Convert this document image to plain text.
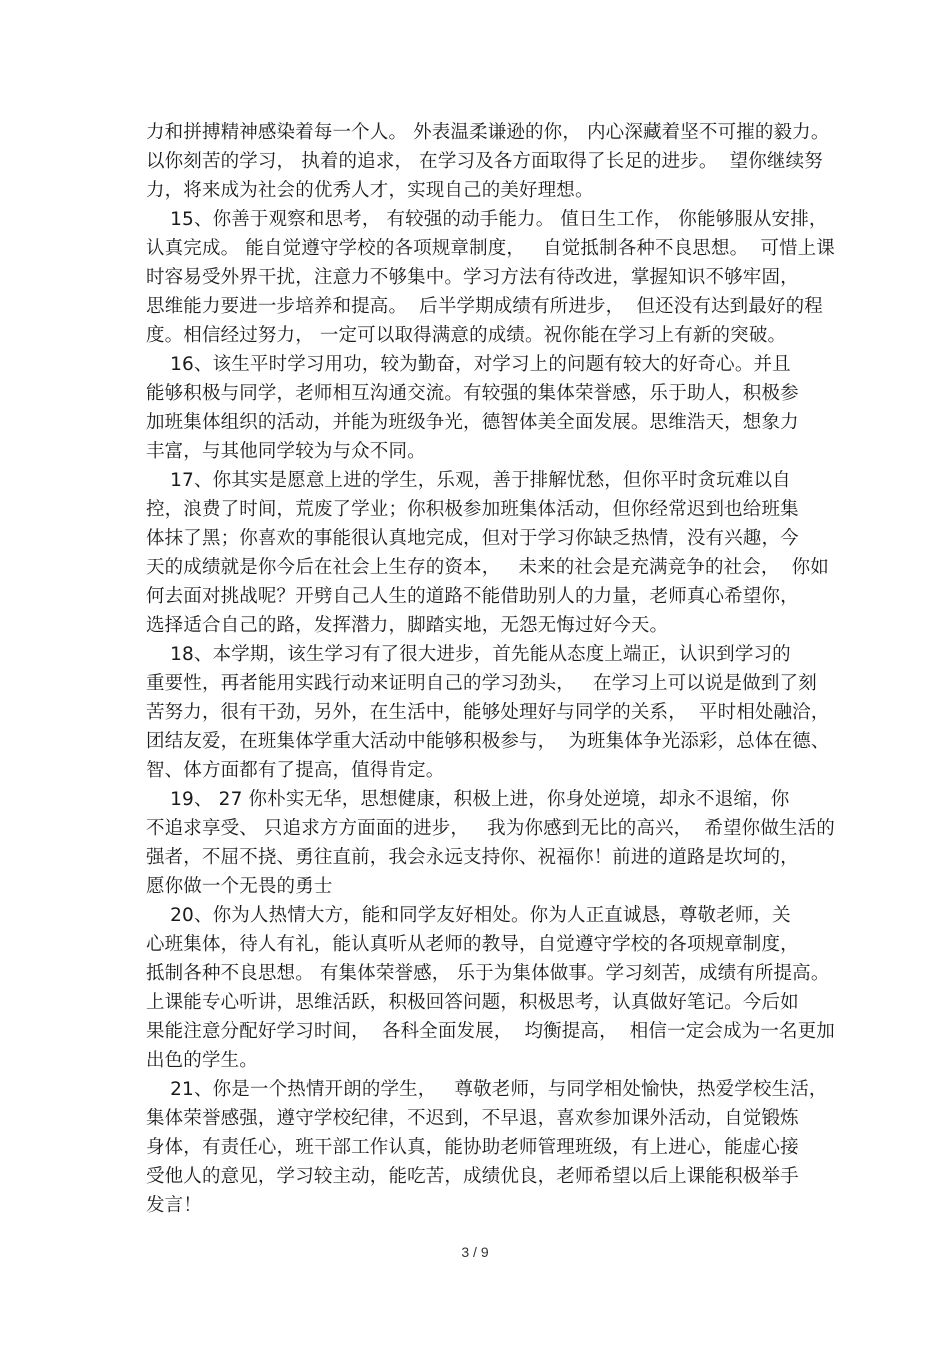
力和拼搏精神感染着每一个人。 外表温柔谦逊的你， 内心深藏着坚不可摧的毅力。
以你刻苦的学习， 执着的追求， 在学习及各方面取得了长足的进步。  望你继续努
力，将来成为社会的优秀人才，实现自己的美好理想。
15、你善于观察和思考， 有较强的动手能力。 值日生工作， 你能够服从安排，
认真完成。 能自觉遵守学校的各项规章制度，   自觉抵制各种不良思想。  可惜上课
时容易受外界干扰，注意力不够集中。学习方法有待改进，掌握知识不够牢固，
思维能力要进一步培养和提高。  后半学期成绩有所进步，  但还没有达到最好的程
度。相信经过努力， 一定可以取得满意的成绩。祝你能在学习上有新的突破。
16、该生平时学习用功，较为勤奋，对学习上的问题有较大的好奇心。并且
能够积极与同学，老师相互沟通交流。有较强的集体荣誉感，乐于助人，积极参
加班集体组织的活动，并能为班级争光，德智体美全面发展。思维浩天，想象力
丰富，与其他同学较为与众不同。
17、你其实是愿意上进的学生，乐观，善于排解忧愁，但你平时贪玩难以自
控，浪费了时间，荒废了学业；你积极参加班集体活动，但你经常迟到也给班集
体抹了黑；你喜欢的事能很认真地完成，但对于学习你缺乏热情，没有兴趣，今
天的成绩就是你今后在社会上生存的资本，   未来的社会是充满竞争的社会，  你如
何去面对挑战呢？开劈自己人生的道路不能借助别人的力量，老师真心希望你，
选择适合自己的路，发挥潜力，脚踏实地，无怨无悔过好今天。
18、本学期，该生学习有了很大进步，首先能从态度上端正，认识到学习的
重要性，再者能用实践行动来证明自己的学习劲头，   在学习上可以说是做到了刻
苦努力，很有干劲，另外，在生活中，能够处理好与同学的关系，  平时相处融洽，
团结友爱，在班集体学重大活动中能够积极参与，  为班集体争光添彩，总体在德、
智、体方面都有了提高，值得肯定。
19、 27 你朴实无华，思想健康，积极上进，你身处逆境，却永不退缩，你
不追求享受、 只追求方方面面的进步，   我为你感到无比的高兴，  希望你做生活的
强者，不屈不挠、勇往直前，我会永远支持你、祝福你！前进的道路是坎坷的，
愿你做一个无畏的勇士
20、你为人热情大方，能和同学友好相处。你为人正直诚恳，尊敬老师，关
心班集体，待人有礼，能认真听从老师的教导，自觉遵守学校的各项规章制度，
抵制各种不良思想。 有集体荣誉感， 乐于为集体做事。学习刻苦，成绩有所提高。
上课能专心听讲，思维活跃，积极回答问题，积极思考，认真做好笔记。今后如
果能注意分配好学习时间，  各科全面发展，  均衡提高，  相信一定会成为一名更加
出色的学生。
21、你是一个热情开朗的学生，   尊敬老师，与同学相处愉快，热爱学校生活，
集体荣誉感强，遵守学校纪律，不迟到，不早退，喜欢参加课外活动，自觉锻炼
身体，有责任心，班干部工作认真，能协助老师管理班级，有上进心，能虚心接
受他人的意见，学习较主动，能吃苦，成绩优良，老师希望以后上课能积极举手
发言！
3 / 9
